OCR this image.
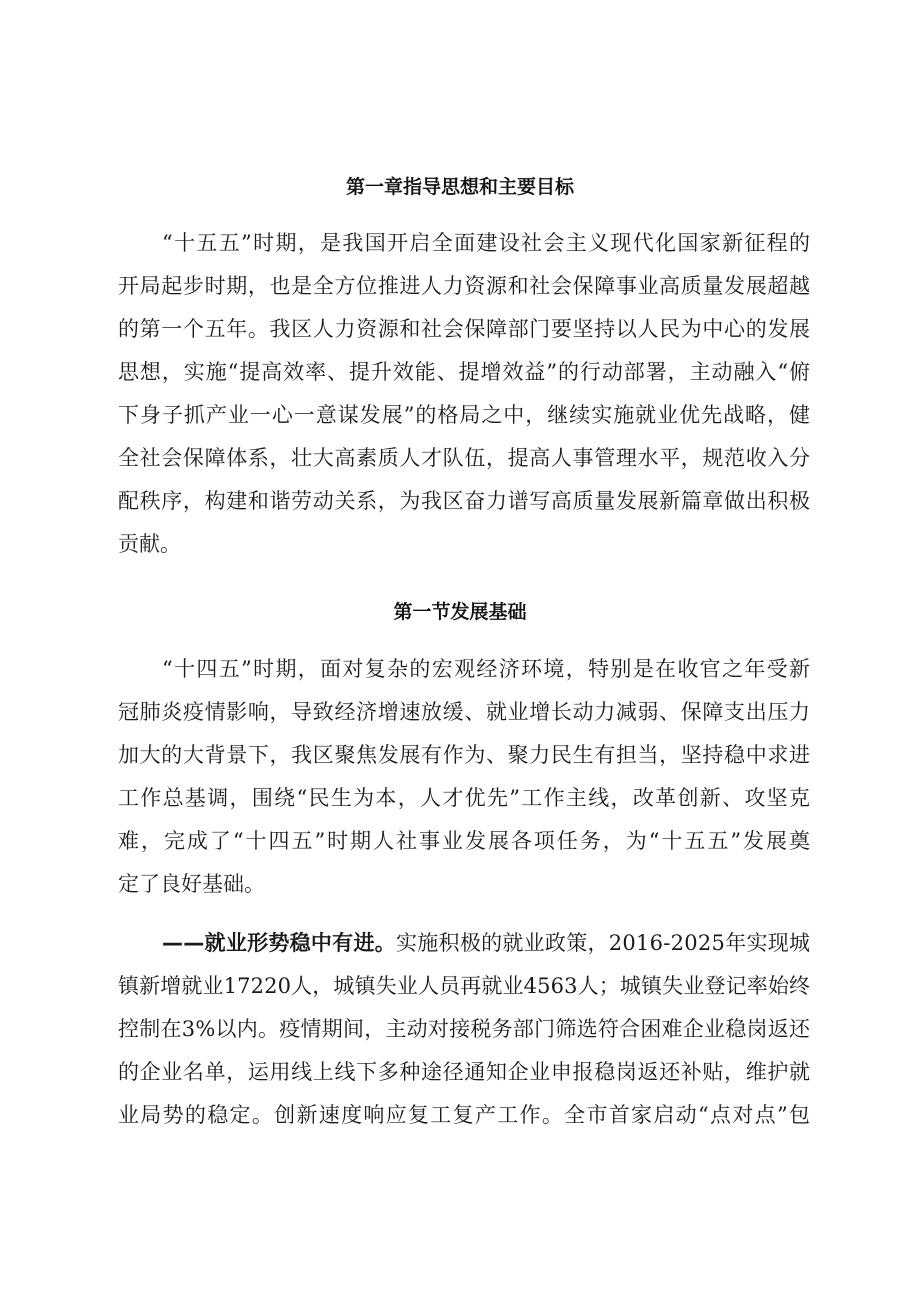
第一章指导思想和主要目标
“十五五”时期，是我国开启全面建设社会主义现代化国家新征程的
开局起步时期，也是全方位推进人力资源和社会保障事业高质量发展超越
的第一个五年。我区人力资源和社会保障部门要坚持以人民为中心的发展
思想，实施“提高效率、提升效能、提增效益”的行动部署，主动融入“俯
下身子抓产业一心一意谋发展”的格局之中，继续实施就业优先战略，健
全社会保障体系，壮大高素质人才队伍，提高人事管理水平，规范收入分
配秩序，构建和谐劳动关系，为我区奋力谱写高质量发展新篇章做出积极
贡献。
第一节发展基础
“十四五”时期，面对复杂的宏观经济环境，特别是在收官之年受新
冠肺炎疫情影响，导致经济增速放缓、就业增长动力减弱、保障支出压力
加大的大背景下，我区聚焦发展有作为、聚力民生有担当，坚持稳中求进
工作总基调，围绕“民生为本，人才优先”工作主线，改革创新、攻坚克
难，完成了“十四五”时期人社事业发展各项任务，为“十五五”发展奠
定了良好基础。
——就业形势稳中有进。实施积极的就业政策，2016-2025年实现城
镇新增就业17220人，城镇失业人员再就业4563人；城镇失业登记率始终
控制在3%以内。疫情期间，主动对接税务部门筛选符合困难企业稳岗返还
的企业名单，运用线上线下多种途径通知企业申报稳岗返还补贴，维护就
业局势的稳定。创新速度响应复工复产工作。全市首家启动“点对点”包
